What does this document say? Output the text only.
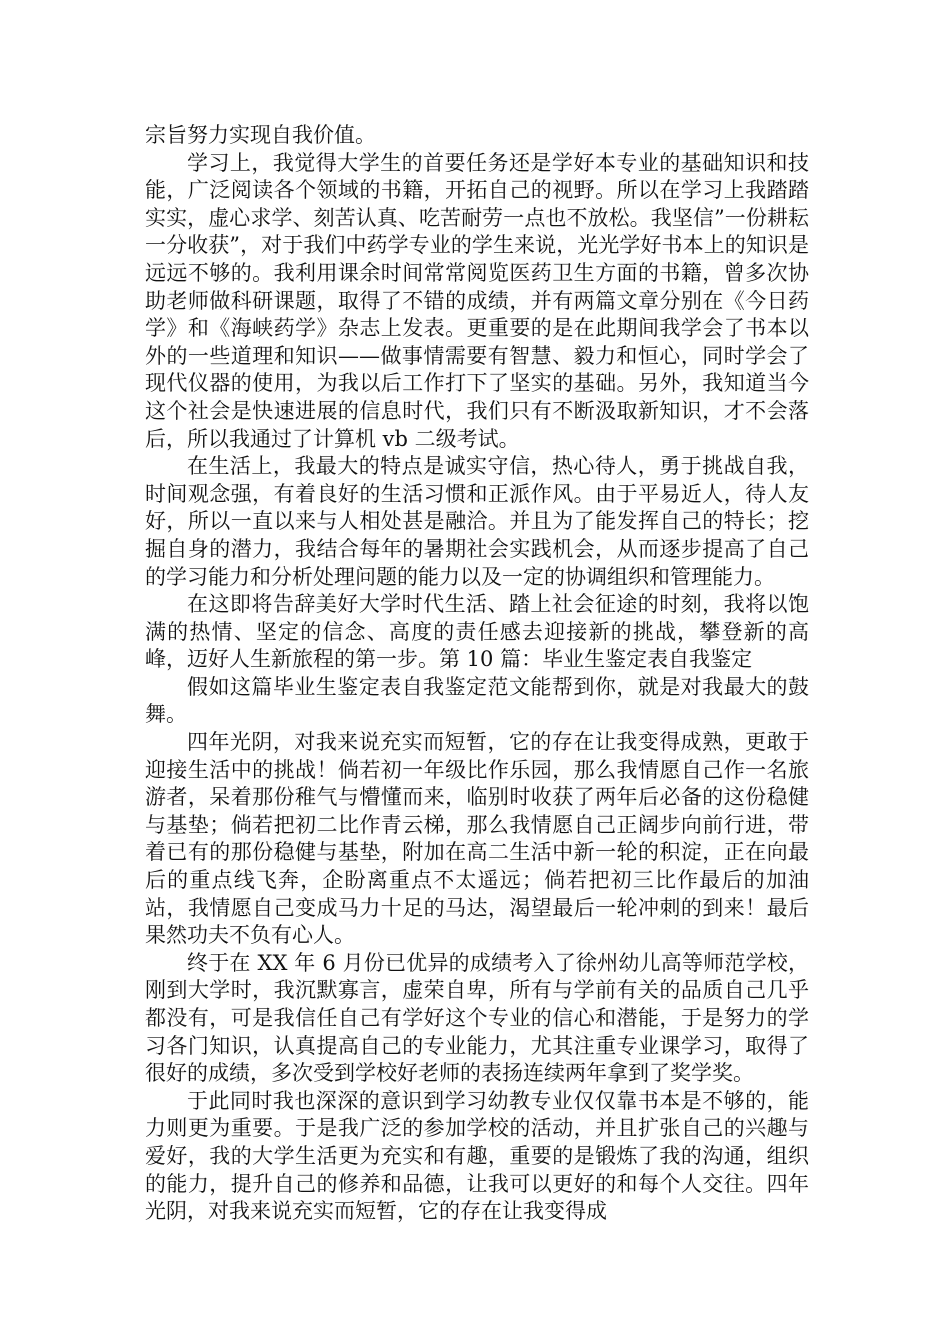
宗旨努力实现自我价值。

学习上，我觉得大学生的首要任务还是学好本专业的基础知识和技能，广泛阅读各个领域的书籍，开拓自己的视野。所以在学习上我踏踏实实，虚心求学、刻苦认真、吃苦耐劳一点也不放松。我坚信”一份耕耘一分收获”，对于我们中药学专业的学生来说，光光学好书本上的知识是远远不够的。我利用课余时间常常阅览医药卫生方面的书籍，曾多次协助老师做科研课题，取得了不错的成绩，并有两篇文章分别在《今日药学》和《海峡药学》杂志上发表。更重要的是在此期间我学会了书本以外的一些道理和知识——做事情需要有智慧、毅力和恒心，同时学会了现代仪器的使用，为我以后工作打下了坚实的基础。另外，我知道当今这个社会是快速进展的信息时代，我们只有不断汲取新知识，才不会落后，所以我通过了计算机 vb 二级考试。

在生活上，我最大的特点是诚实守信，热心待人，勇于挑战自我，时间观念强，有着良好的生活习惯和正派作风。由于平易近人，待人友好，所以一直以来与人相处甚是融洽。并且为了能发挥自己的特长；挖掘自身的潜力，我结合每年的暑期社会实践机会，从而逐步提高了自己的学习能力和分析处理问题的能力以及一定的协调组织和管理能力。

在这即将告辞美好大学时代生活、踏上社会征途的时刻，我将以饱满的热情、坚定的信念、高度的责任感去迎接新的挑战，攀登新的高峰，迈好人生新旅程的第一步。第 10 篇：毕业生鉴定表自我鉴定

假如这篇毕业生鉴定表自我鉴定范文能帮到你，就是对我最大的鼓舞。

四年光阴，对我来说充实而短暂，它的存在让我变得成熟，更敢于迎接生活中的挑战！倘若初一年级比作乐园，那么我情愿自己作一名旅游者，呆着那份稚气与懵懂而来，临别时收获了两年后必备的这份稳健与基垫；倘若把初二比作青云梯，那么我情愿自己正阔步向前行进，带着已有的那份稳健与基垫，附加在高二生活中新一轮的积淀，正在向最后的重点线飞奔，企盼离重点不太遥远；倘若把初三比作最后的加油站，我情愿自己变成马力十足的马达，渴望最后一轮冲刺的到来！最后果然功夫不负有心人。

终于在 XX 年 6 月份已优异的成绩考入了徐州幼儿高等师范学校，刚到大学时，我沉默寡言，虚荣自卑，所有与学前有关的品质自己几乎都没有，可是我信任自己有学好这个专业的信心和潜能，于是努力的学习各门知识，认真提高自己的专业能力，尤其注重专业课学习，取得了很好的成绩，多次受到学校好老师的表扬连续两年拿到了奖学奖。

于此同时我也深深的意识到学习幼教专业仅仅靠书本是不够的，能力则更为重要。于是我广泛的参加学校的活动，并且扩张自己的兴趣与爱好，我的大学生活更为充实和有趣，重要的是锻炼了我的沟通，组织的能力，提升自己的修养和品德，让我可以更好的和每个人交往。四年光阴，对我来说充实而短暂，它的存在让我变得成
